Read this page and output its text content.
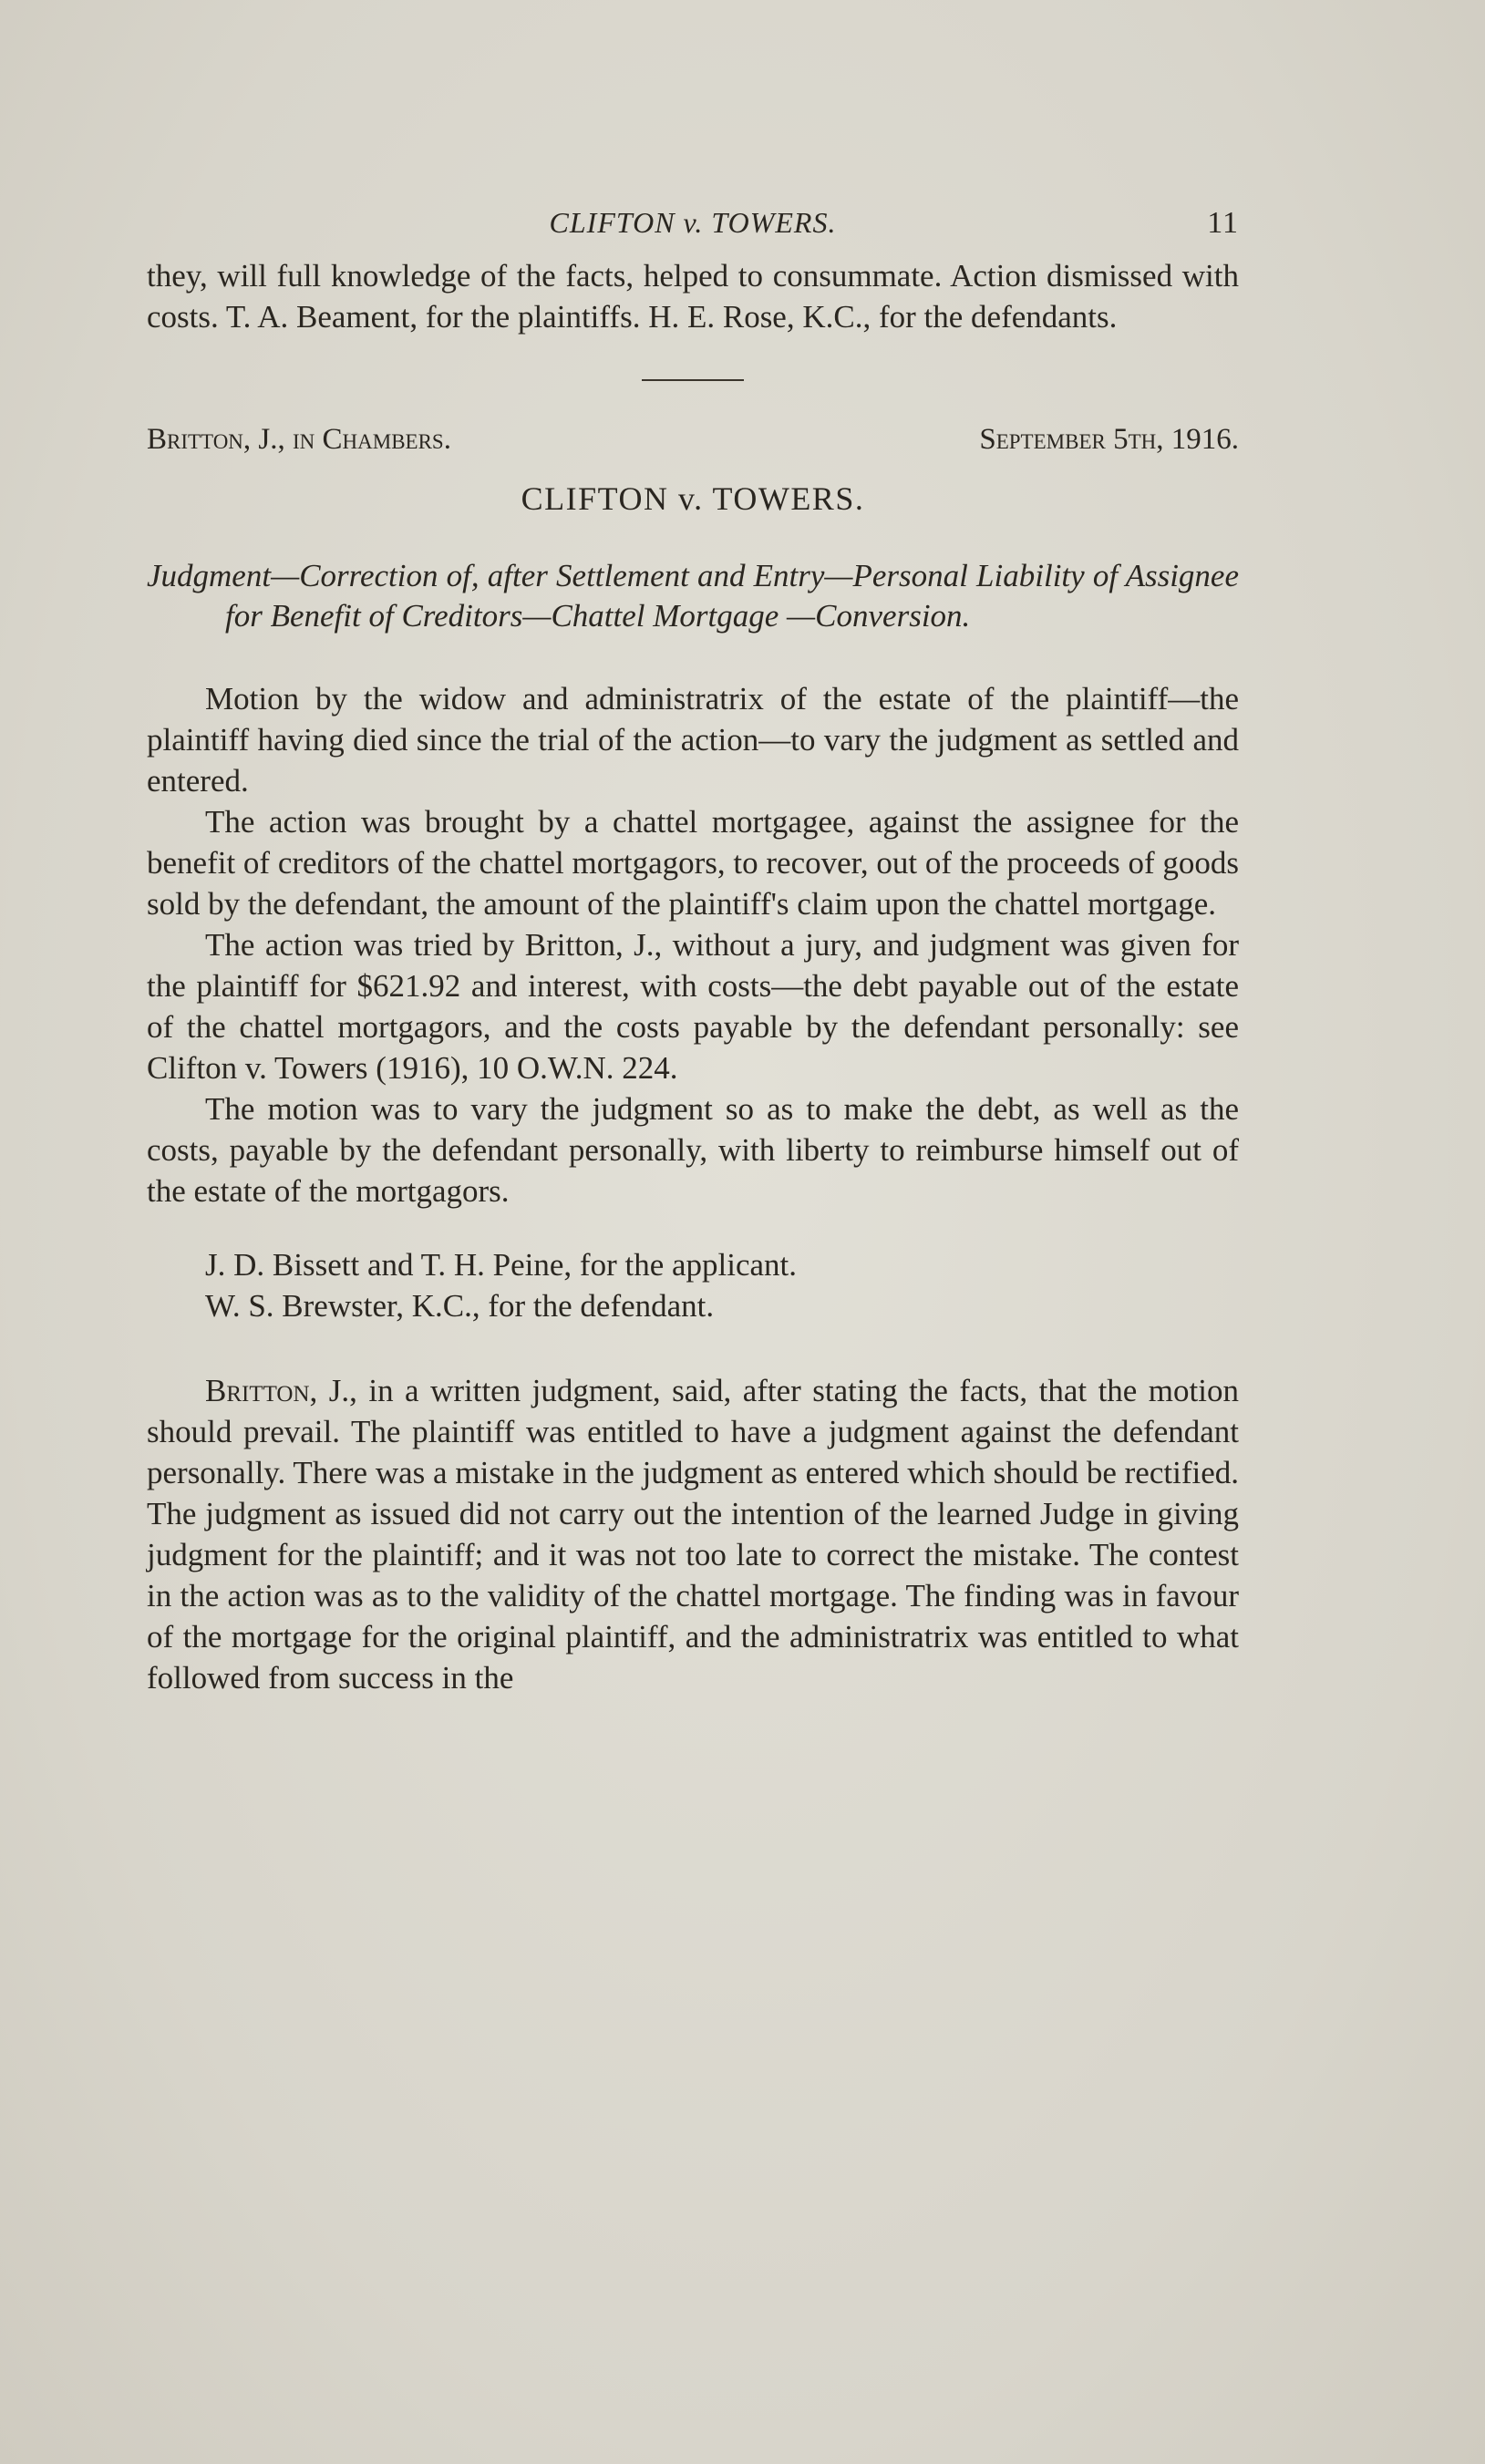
CLIFTON v. TOWERS.	11

they, will full knowledge of the facts, helped to consummate. Action dismissed with costs. T. A. Beament, for the plaintiffs. H. E. Rose, K.C., for the defendants.

Britton, J., in Chambers.	September 5th, 1916.
CLIFTON v. TOWERS.
Judgment—Correction of, after Settlement and Entry—Personal Liability of Assignee for Benefit of Creditors—Chattel Mortgage —Conversion.

Motion by the widow and administratrix of the estate of the plaintiff—the plaintiff having died since the trial of the action—to vary the judgment as settled and entered.

The action was brought by a chattel mortgagee, against the assignee for the benefit of creditors of the chattel mortgagors, to recover, out of the proceeds of goods sold by the defendant, the amount of the plaintiff's claim upon the chattel mortgage.

The action was tried by Britton, J., without a jury, and judgment was given for the plaintiff for $621.92 and interest, with costs—the debt payable out of the estate of the chattel mortgagors, and the costs payable by the defendant personally: see Clifton v. Towers (1916), 10 O.W.N. 224.

The motion was to vary the judgment so as to make the debt, as well as the costs, payable by the defendant personally, with liberty to reimburse himself out of the estate of the mortgagors.

J. D. Bissett and T. H. Peine, for the applicant.

W. S. Brewster, K.C., for the defendant.

Britton, J., in a written judgment, said, after stating the facts, that the motion should prevail. The plaintiff was entitled to have a judgment against the defendant personally. There was a mistake in the judgment as entered which should be rectified. The judgment as issued did not carry out the intention of the learned Judge in giving judgment for the plaintiff; and it was not too late to correct the mistake. The contest in the action was as to the validity of the chattel mortgage. The finding was in favour of the mortgage for the original plaintiff, and the administratrix was entitled to what followed from success in the
